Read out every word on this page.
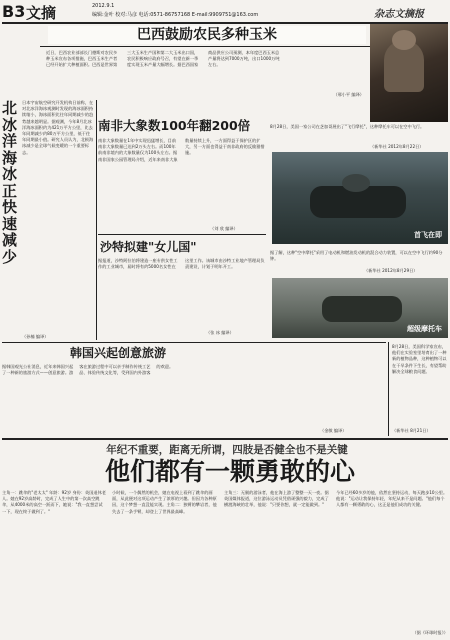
B3 文摘	2012.9.1
编辑:金叶 校对:马彦 电话:0571-86757168 E-mail:9909751@163.com	杂志文摘报
巴西鼓励农民多种玉米
近日，巴西农业部部长门德斯对农民多种玉米宣布各项措施，巴西玉米生产者已经开始扩大种植面积。巴西是世界第三大玉米生产国和第二大玉米出口国，农民积极响应政府号召，有望在新一季度实现玉米产量大幅增长。据巴西国家商品供应公司预测，本年度巴西玉米总产量将达到7000万吨，出口1000万吨左右。
（邢小平 编译）
北冰洋海冰正快速减少
日本宇宙航空研究开发机构日前称，在对北冰洋海冰观测时发现的海冰面积持续缩小，海冰面积比往年同期减少的趋势越来越明显。据观测，今年8月北冰洋海冰面积约为421万平方公里，比去年同期减少约80万平方公里，低于往年同期最小值。研究人员认为，北极海冰减少是全球气候变暖的一个重要标志。
（孙楠 编译）
南非大象数100年翻200倍
南非大象数量在1年中实现迅猛增长，目前南非大象数量已达到2万头左右。而100年前南非境内的大象数量仅为100头左右。据南非国家公园管理局介绍，近年来南非大象数量持续上升，一方面得益于保护区的扩大，另一方面也得益于南非政府的反偷猎措施。
（刘 欣 编译）
沙特拟建"女儿国"
据报道，沙特阿拉伯将建造一座专供女性工作的工业城市，届时将有约5000名女性在这里工作。该城市由沙特工业地产管理局负责建设，计划于明年开工。
（张 冰 编译）
8月28日，美国一家公司在芝加哥展出了"飞行摩托"，这种摩托车可以在空中飞行。
（新华社 2012年8月22日）
首飞在即
据了解，这种"空中摩托"采用了电动机和燃油发动机的混合动力装置，可以在空中飞行约90分钟。
（新华社 2012年8月29日）
超级摩托车
韩国兴起创意旅游
据韩国观光公社消息，近年来韩国兴起了一种新的旅游方式——创意旅游。游客在旅游过程中可以亲手制作传统工艺品、体验传统文化等，受到国内外游客的欢迎。
（金敏 编译）
8月28日，美国科学家宣布，他们在实验室里培育出了一种新的植物品种，这种植物可以在干旱条件下生长，有望帮助解决全球粮食问题。
（新华社 8月21日）
年纪不重要，距离无所谓，四肢是否健全也不是关键
他们都有一颗勇敢的心
主角一：跳伞的"老太太" 年龄：92岁 身份：英国退休老人。她在92岁高龄时，完成了人生中的第一次高空跳伞，从4000米的高空一跃而下，她说："我一直想尝试一下，现在终于做到了。"
小时候，一个偶然的机会，她在电视上看到了跳伞的画面，从此便对这项运动产生了浓厚的兴趣。但因为各种原因，这个梦想一直没能实现。主角二：独臂的攀岩者，他失去了一条手臂，却登上了世界最高峰。
主角三：无腿的游泳者，他在海上游了整整一天一夜。据英国媒体报道，这位游泳运动员凭借顽强的毅力，完成了横渡海峡的壮举，他说："只要你想，就一定能做到。"
今年已经60多岁的他，依然在坚持运动，每天跑步10公里。他说："运动让我保持年轻，年纪从来不是问题。"他们每个人都有一颗勇敢的心，这正是他们成功的关键。
（据《环球时报》）
